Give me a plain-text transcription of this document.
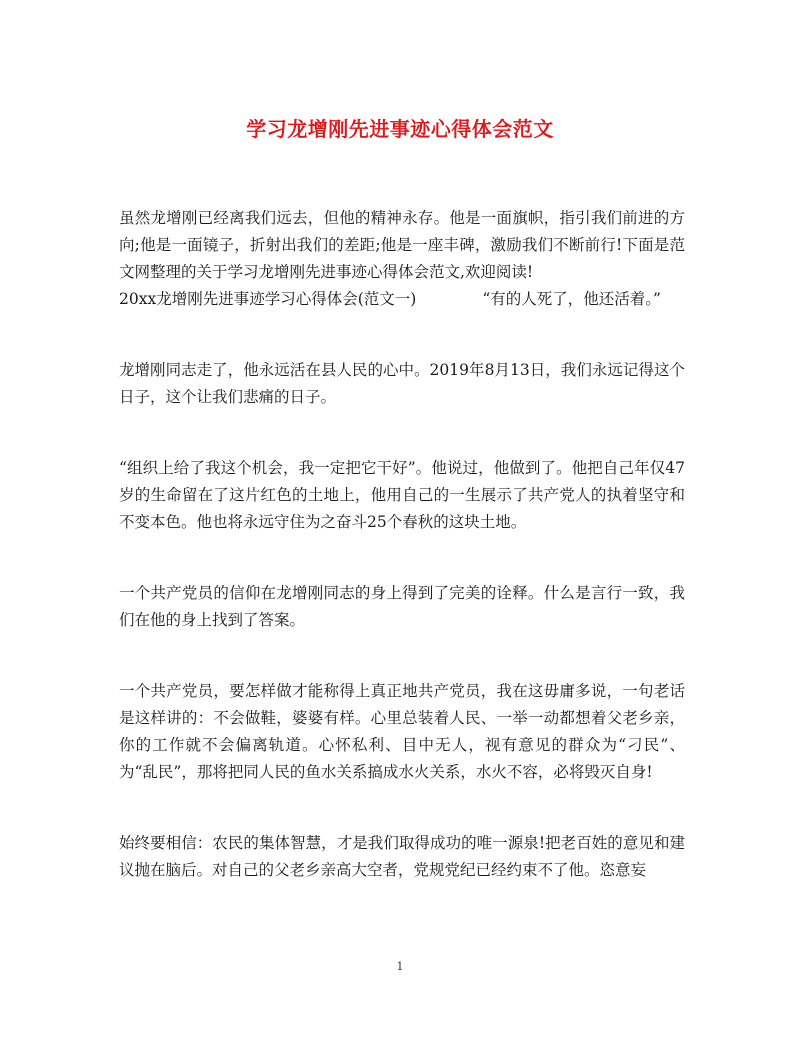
学习龙增刚先进事迹心得体会范文

虽然龙增刚已经离我们远去，但他的精神永存。他是一面旗帜，指引我们前进的方向;他是一面镜子，折射出我们的差距;他是一座丰碑，激励我们不断前行!下面是范文网整理的关于学习龙增刚先进事迹心得体会范文,欢迎阅读!

20xx龙增刚先进事迹学习心得体会(范文一)	“有的人死了，他还活着。”

龙增刚同志走了，他永远活在县人民的心中。2019年8月13日，我们永远记得这个日子，这个让我们悲痛的日子。

“组织上给了我这个机会，我一定把它干好”。他说过，他做到了。他把自己年仅47岁的生命留在了这片红色的土地上，他用自己的一生展示了共产党人的执着坚守和不变本色。他也将永远守住为之奋斗25个春秋的这块土地。

一个共产党员的信仰在龙增刚同志的身上得到了完美的诠释。什么是言行一致，我们在他的身上找到了答案。

一个共产党员，要怎样做才能称得上真正地共产党员，我在这毋庸多说，一句老话是这样讲的：不会做鞋，婆婆有样。心里总装着人民、一举一动都想着父老乡亲，你的工作就不会偏离轨道。心怀私利、目中无人，视有意见的群众为“刁民”、为“乱民”，那将把同人民的鱼水关系搞成水火关系，水火不容，必将毁灭自身!

始终要相信：农民的集体智慧，才是我们取得成功的唯一源泉!把老百姓的意见和建议抛在脑后。对自己的父老乡亲高大空者，党规党纪已经约束不了他。恣意妄

1
